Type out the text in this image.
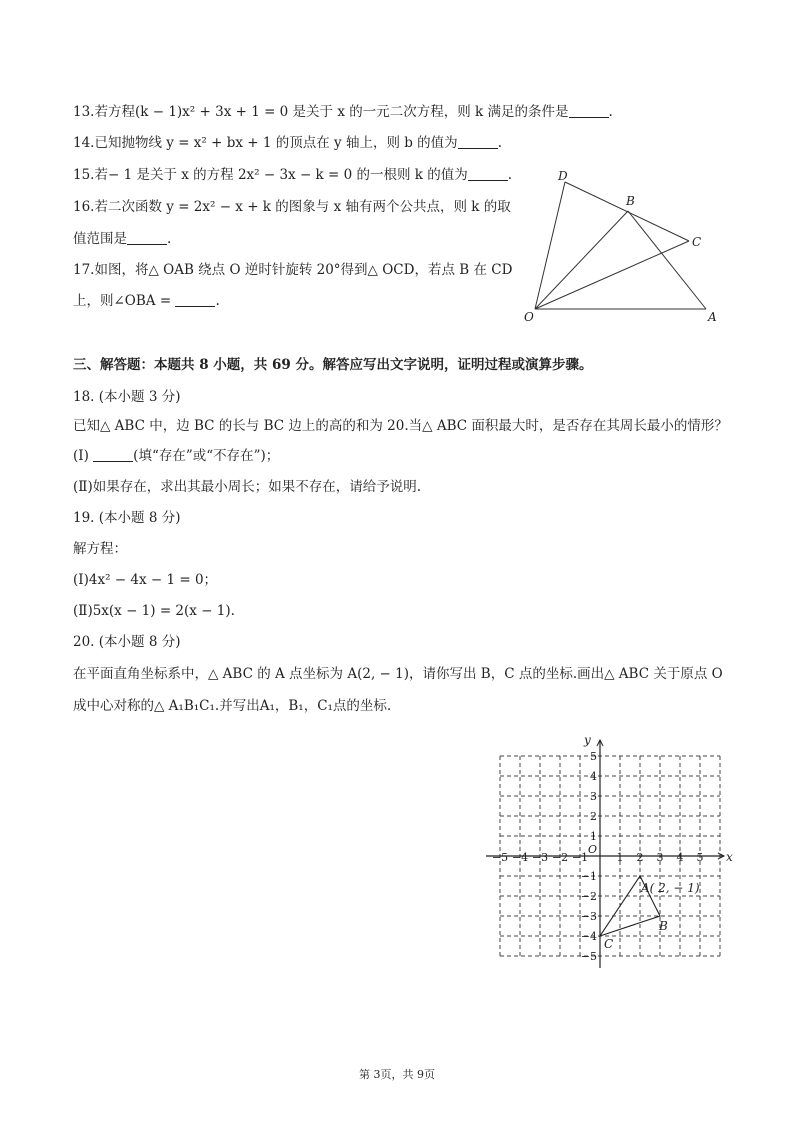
13.若方程(k − 1)x² + 3x + 1 = 0 是关于 x 的一元二次方程，则 k 满足的条件是	.
14.已知抛物线 y = x² + bx + 1 的顶点在 y 轴上，则 b 的值为	.
15.若− 1 是关于 x 的方程 2x² − 3x − k = 0 的一根则 k 的值为	.
16.若二次函数 y = 2x² − x + k 的图象与 x 轴有两个公共点，则 k 的取
值范围是	.
17.如图，将△ OAB 绕点 O 逆时针旋转 20°得到△ OCD，若点 B 在 CD
上，则∠OBA =	.
D
B
C
O	A
三、解答题：本题共 8 小题，共 69 分。解答应写出文字说明，证明过程或演算步骤。
18. (本小题 3 分)
已知△ ABC 中，边 BC 的长与 BC 边上的高的和为 20.当△ ABC 面积最大时，是否存在其周长最小的情形？
(I)	(填“存在”或“不存在”)；
(Ⅱ)如果存在，求出其最小周长；如果不存在，请给予说明.
19. (本小题 8 分)
解方程：
(Ⅰ)4x² − 4x − 1 = 0；
(Ⅱ)5x(x − 1) = 2(x − 1).
20. (本小题 8 分)
在平面直角坐标系中，△ ABC 的 A 点坐标为 A(2, − 1)，请你写出 B，C 点的坐标.画出△ ABC 关于原点 O
成中心对称的△ A₁B₁C₁.并写出A₁，B₁，C₁点的坐标.
x
y
O
−5 −4 −3 −2 −1	1 2 3 4 5
5
4
3
2
1
−1
−2
−3
−4
−5
A( 2, − 1)
B
C
第 3页，共 9页
